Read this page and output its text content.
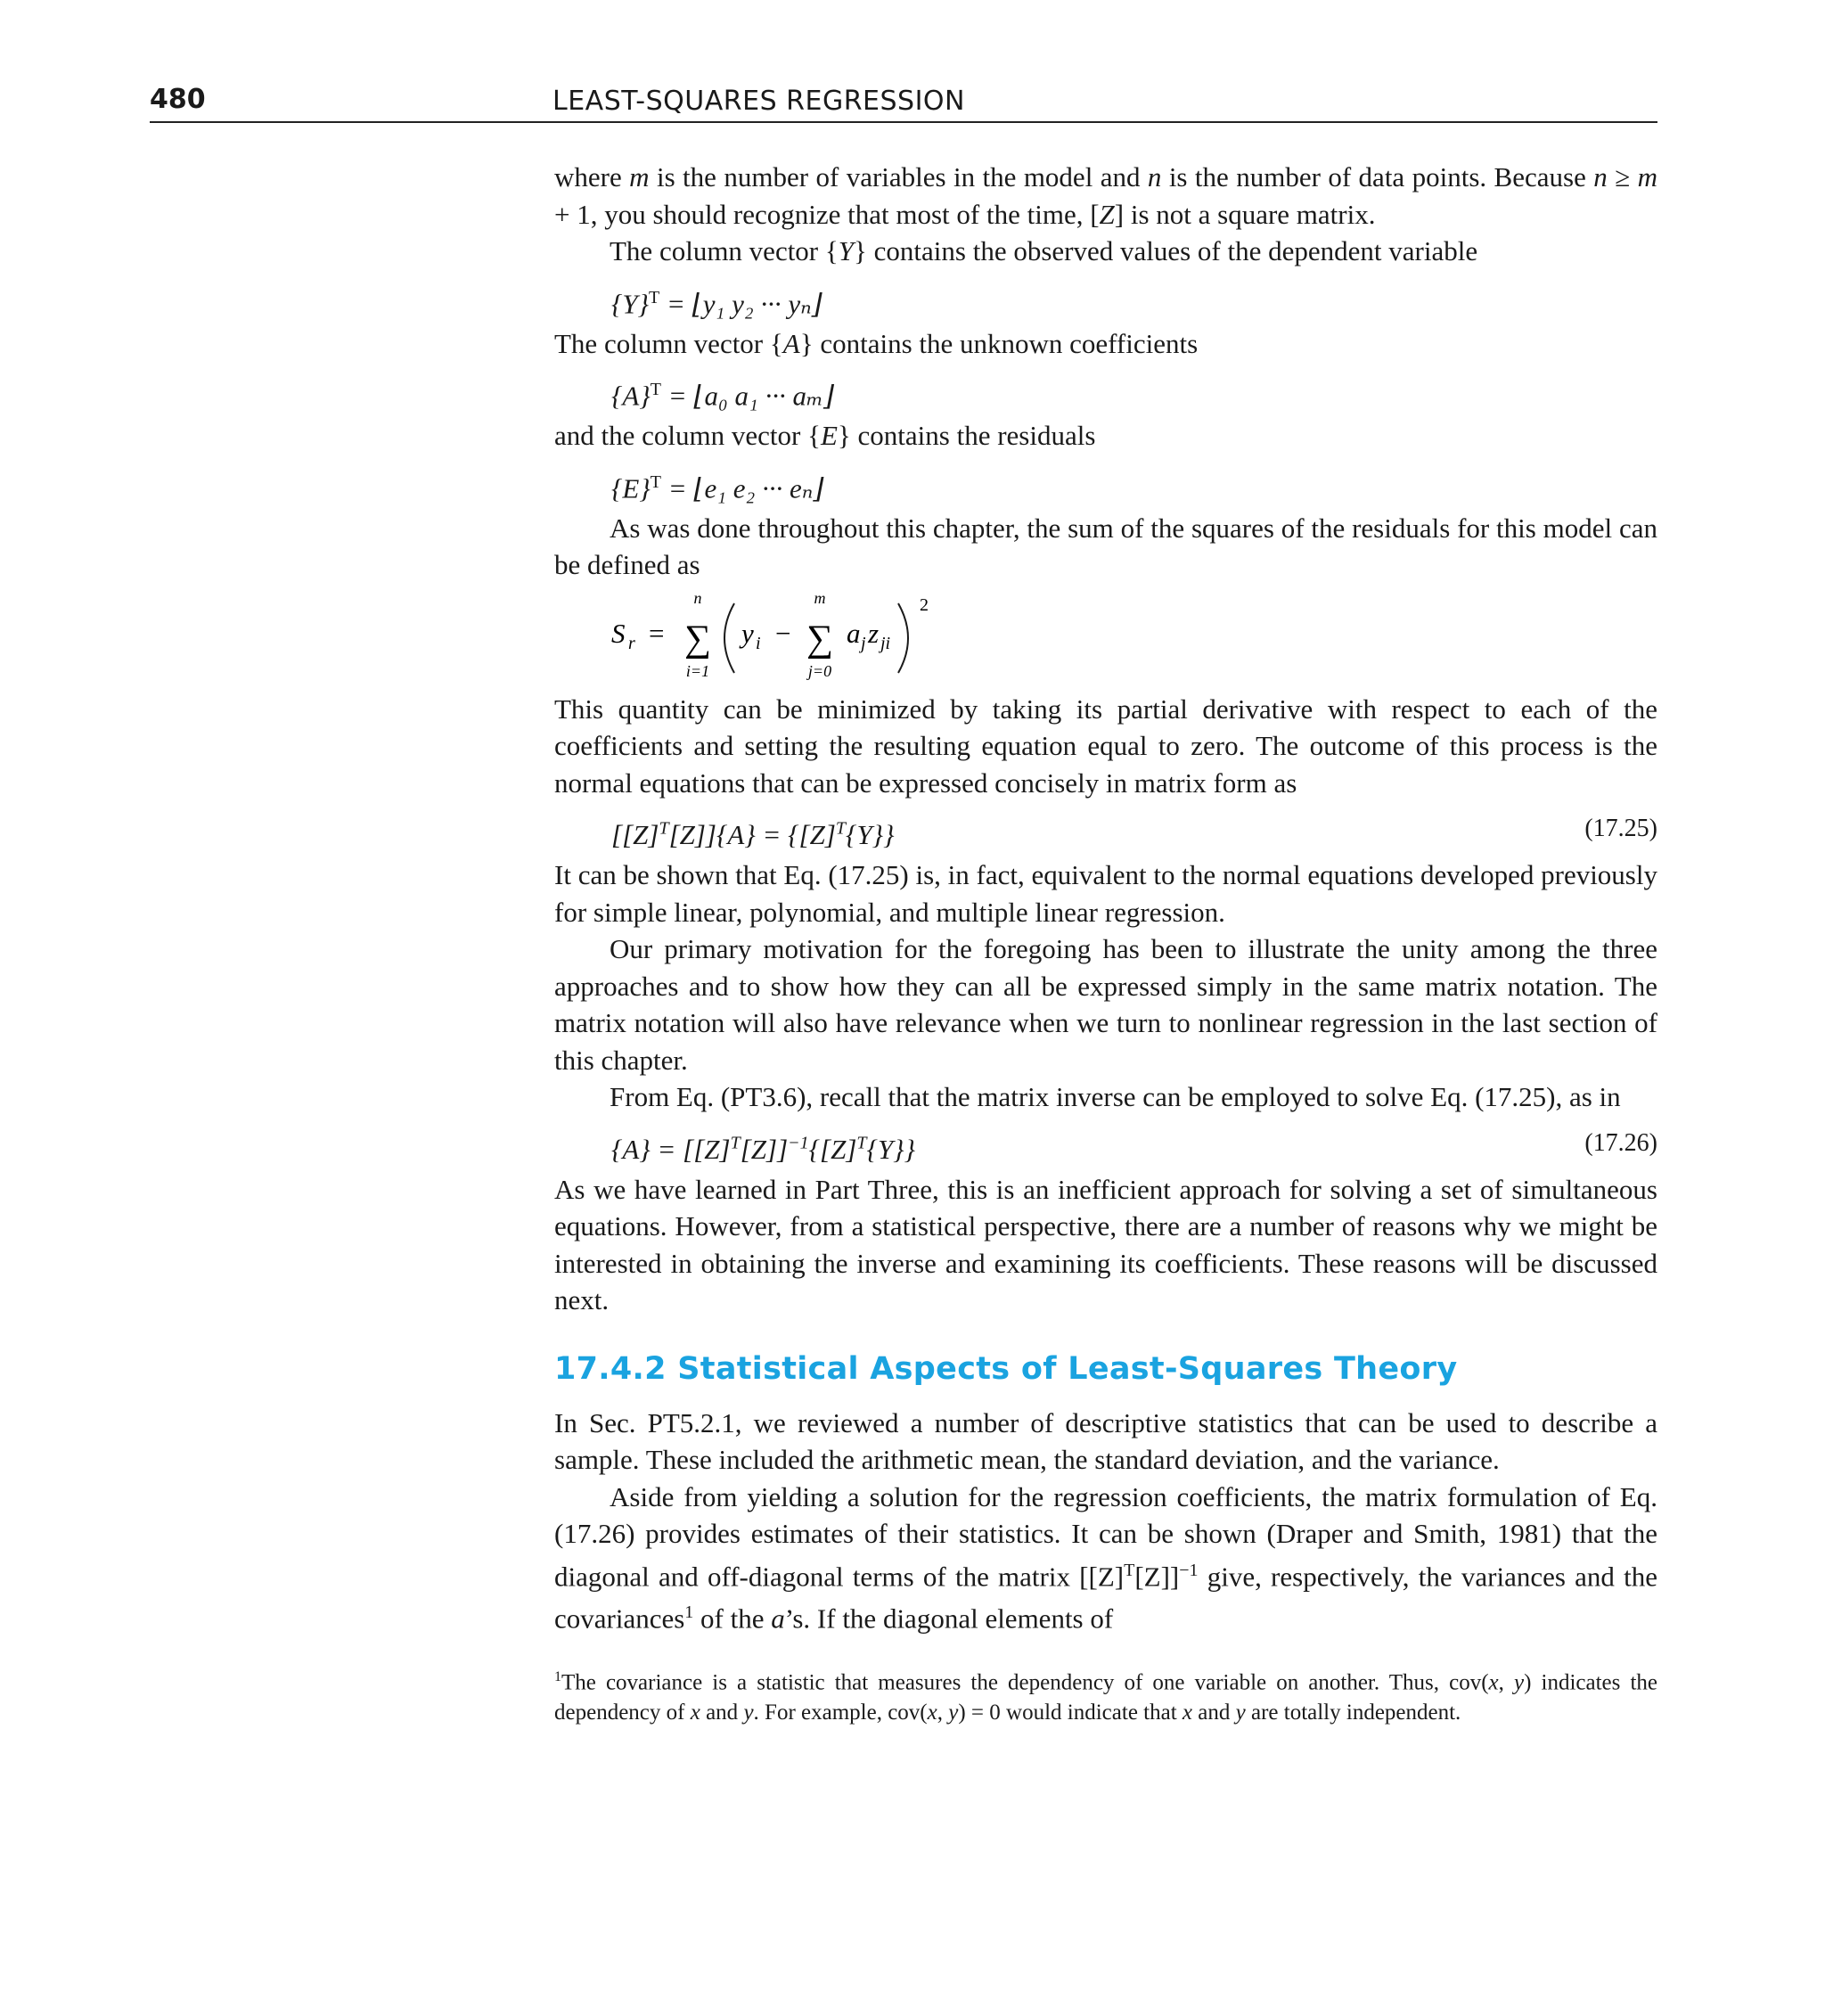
480	LEAST-SQUARES REGRESSION

where m is the number of variables in the model and n is the number of data points. Because n ≥ m + 1, you should recognize that most of the time, [Z] is not a square matrix.

The column vector {Y} contains the observed values of the dependent variable

$\{Y\}^T$ = ⌊y₁ y₂ ··· yₙ⌋

The column vector {A} contains the unknown coefficients

$\{A\}^T$ = ⌊a₀ a₁ ··· aₘ⌋

and the column vector {E} contains the residuals

$\{E\}^T$ = ⌊e₁ e₂ ··· eₙ⌋

As was done throughout this chapter, the sum of the squares of the residuals for this model can be defined as

S r =
n
∑
i=1
y i −
m
∑
j=0
a j z ji
2

This quantity can be minimized by taking its partial derivative with respect to each of the coefficients and setting the resulting equation equal to zero. The outcome of this process is the normal equations that can be expressed concisely in matrix form as

$[[Z]^T[Z]]\{A\} = \{[Z]^T\{Y\}\}$	(17.25)

It can be shown that Eq. (17.25) is, in fact, equivalent to the normal equations developed previously for simple linear, polynomial, and multiple linear regression.

Our primary motivation for the foregoing has been to illustrate the unity among the three approaches and to show how they can all be expressed simply in the same matrix notation. The matrix notation will also have relevance when we turn to nonlinear regression in the last section of this chapter.

From Eq. (PT3.6), recall that the matrix inverse can be employed to solve Eq. (17.25), as in

$\{A\} = [[Z]^T[Z]]^{-1}\{[Z]^T\{Y\}\}$	(17.26)

As we have learned in Part Three, this is an inefficient approach for solving a set of simultaneous equations. However, from a statistical perspective, there are a number of reasons why we might be interested in obtaining the inverse and examining its coefficients. These reasons will be discussed next.

17.4.2 Statistical Aspects of Least-Squares Theory

In Sec. PT5.2.1, we reviewed a number of descriptive statistics that can be used to describe a sample. These included the arithmetic mean, the standard deviation, and the variance.

Aside from yielding a solution for the regression coefficients, the matrix formulation of Eq. (17.26) provides estimates of their statistics. It can be shown (Draper and Smith, 1981) that the diagonal and off-diagonal terms of the matrix $[[Z]^T[Z]]^{-1}$ give, respectively, the variances and the covariances$^1$ of the a’s. If the diagonal elements of

$^1$The covariance is a statistic that measures the dependency of one variable on another. Thus, cov(x, y) indicates the dependency of x and y. For example, cov(x, y) = 0 would indicate that x and y are totally independent.
